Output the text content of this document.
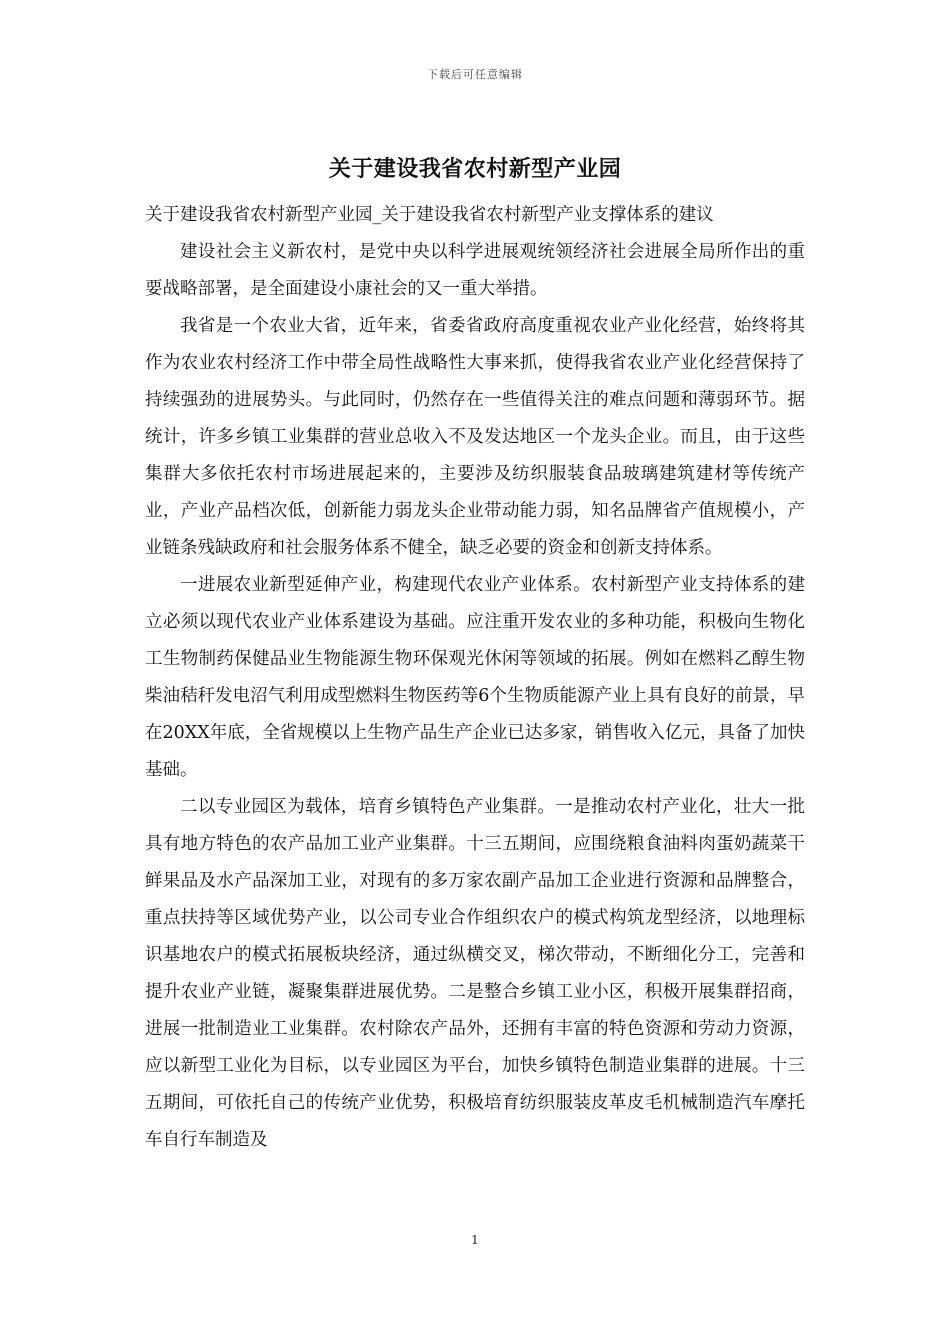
下载后可任意编辑
关于建设我省农村新型产业园

关于建设我省农村新型产业园_关于建设我省农村新型产业支撑体系的建议

建设社会主义新农村，是党中央以科学进展观统领经济社会进展全局所作出的重要战略部署，是全面建设小康社会的又一重大举措。

我省是一个农业大省，近年来，省委省政府高度重视农业产业化经营，始终将其作为农业农村经济工作中带全局性战略性大事来抓，使得我省农业产业化经营保持了持续强劲的进展势头。与此同时，仍然存在一些值得关注的难点问题和薄弱环节。据统计，许多乡镇工业集群的营业总收入不及发达地区一个龙头企业。而且，由于这些集群大多依托农村市场进展起来的，主要涉及纺织服装食品玻璃建筑建材等传统产业，产业产品档次低，创新能力弱龙头企业带动能力弱，知名品牌省产值规模小，产业链条残缺政府和社会服务体系不健全，缺乏必要的资金和创新支持体系。

一进展农业新型延伸产业，构建现代农业产业体系。农村新型产业支持体系的建立必须以现代农业产业体系建设为基础。应注重开发农业的多种功能，积极向生物化工生物制药保健品业生物能源生物环保观光休闲等领域的拓展。例如在燃料乙醇生物柴油秸秆发电沼气利用成型燃料生物医药等6个生物质能源产业上具有良好的前景，早在20XX年底，全省规模以上生物产品生产企业已达多家，销售收入亿元，具备了加快基础。

二以专业园区为载体，培育乡镇特色产业集群。一是推动农村产业化，壮大一批具有地方特色的农产品加工业产业集群。十三五期间，应围绕粮食油料肉蛋奶蔬菜干鲜果品及水产品深加工业，对现有的多万家农副产品加工企业进行资源和品牌整合，重点扶持等区域优势产业，以公司专业合作组织农户的模式构筑龙型经济，以地理标识基地农户的模式拓展板块经济，通过纵横交叉，梯次带动，不断细化分工，完善和提升农业产业链，凝聚集群进展优势。二是整合乡镇工业小区，积极开展集群招商，进展一批制造业工业集群。农村除农产品外，还拥有丰富的特色资源和劳动力资源，应以新型工业化为目标，以专业园区为平台，加快乡镇特色制造业集群的进展。十三五期间，可依托自己的传统产业优势，积极培育纺织服装皮革皮毛机械制造汽车摩托车自行车制造及

1
